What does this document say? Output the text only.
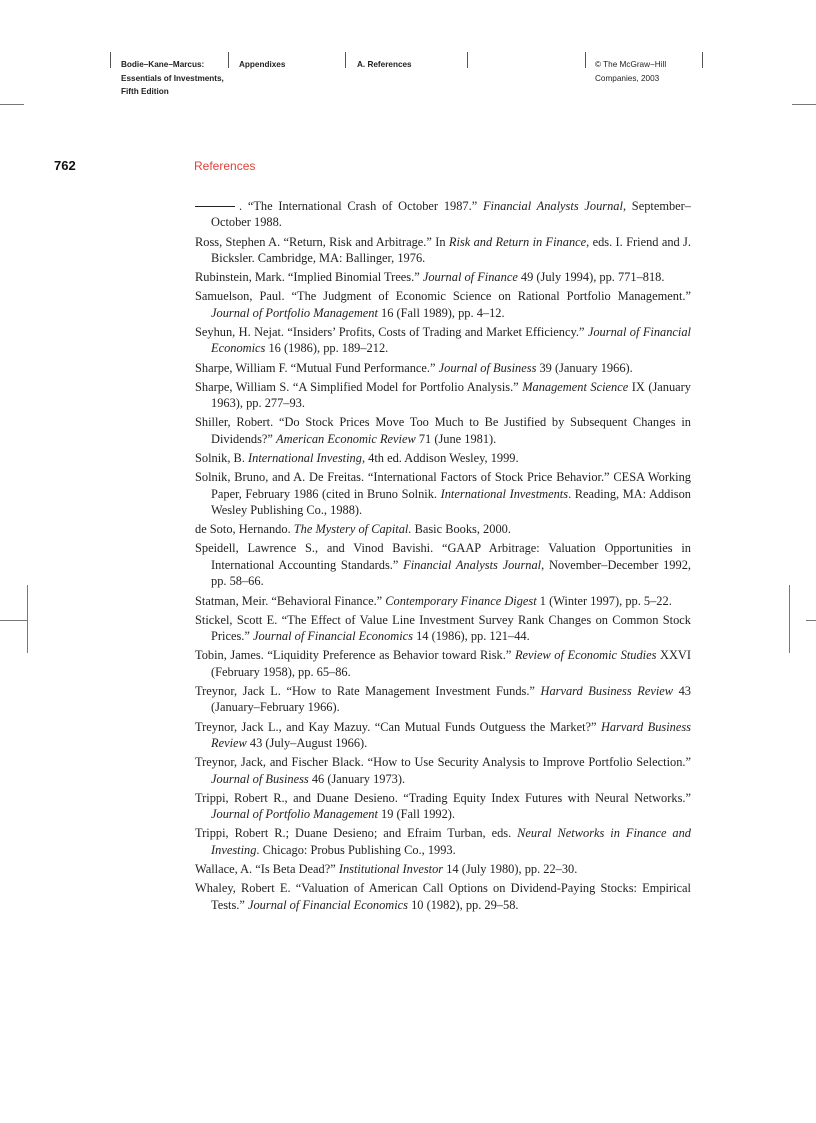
Bodie–Kane–Marcus:
Essentials of Investments,
Fifth Edition
Appendixes	A. References	© The McGraw−Hill
Companies, 2003
762	References
. “The International Crash of October 1987.” Financial Analysts Journal, September–October 1988.
Ross, Stephen A. “Return, Risk and Arbitrage.” In Risk and Return in Finance, eds. I. Friend and J. Bicksler. Cambridge, MA: Ballinger, 1976.
Rubinstein, Mark. “Implied Binomial Trees.” Journal of Finance 49 (July 1994), pp. 771–818.
Samuelson, Paul. “The Judgment of Economic Science on Rational Portfolio Management.” Journal of Portfolio Management 16 (Fall 1989), pp. 4–12.
Seyhun, H. Nejat. “Insiders’ Profits, Costs of Trading and Market Efficiency.” Journal of Financial Economics 16 (1986), pp. 189–212.
Sharpe, William F. “Mutual Fund Performance.” Journal of Business 39 (January 1966).
Sharpe, William S. “A Simplified Model for Portfolio Analysis.” Management Science IX (January 1963), pp. 277–93.
Shiller, Robert. “Do Stock Prices Move Too Much to Be Justified by Subsequent Changes in Dividends?” American Economic Review 71 (June 1981).
Solnik, B. International Investing, 4th ed. Addison Wesley, 1999.
Solnik, Bruno, and A. De Freitas. “International Factors of Stock Price Behavior.” CESA Working Paper, February 1986 (cited in Bruno Solnik. International Investments. Reading, MA: Addison Wesley Publishing Co., 1988).
de Soto, Hernando. The Mystery of Capital. Basic Books, 2000.
Speidell, Lawrence S., and Vinod Bavishi. “GAAP Arbitrage: Valuation Opportunities in International Accounting Standards.” Financial Analysts Journal, November–December 1992, pp. 58–66.
Statman, Meir. “Behavioral Finance.” Contemporary Finance Digest 1 (Winter 1997), pp. 5–22.
Stickel, Scott E. “The Effect of Value Line Investment Survey Rank Changes on Common Stock Prices.” Journal of Financial Economics 14 (1986), pp. 121–44.
Tobin, James. “Liquidity Preference as Behavior toward Risk.” Review of Economic Studies XXVI (February 1958), pp. 65–86.
Treynor, Jack L. “How to Rate Management Investment Funds.” Harvard Business Review 43 (January–February 1966).
Treynor, Jack L., and Kay Mazuy. “Can Mutual Funds Outguess the Market?” Harvard Business Review 43 (July–August 1966).
Treynor, Jack, and Fischer Black. “How to Use Security Analysis to Improve Portfolio Selection.” Journal of Business 46 (January 1973).
Trippi, Robert R., and Duane Desieno. “Trading Equity Index Futures with Neural Networks.” Journal of Portfolio Management 19 (Fall 1992).
Trippi, Robert R.; Duane Desieno; and Efraim Turban, eds. Neural Networks in Finance and Investing. Chicago: Probus Publishing Co., 1993.
Wallace, A. “Is Beta Dead?” Institutional Investor 14 (July 1980), pp. 22–30.
Whaley, Robert E. “Valuation of American Call Options on Dividend-Paying Stocks: Empirical Tests.” Journal of Financial Economics 10 (1982), pp. 29–58.
